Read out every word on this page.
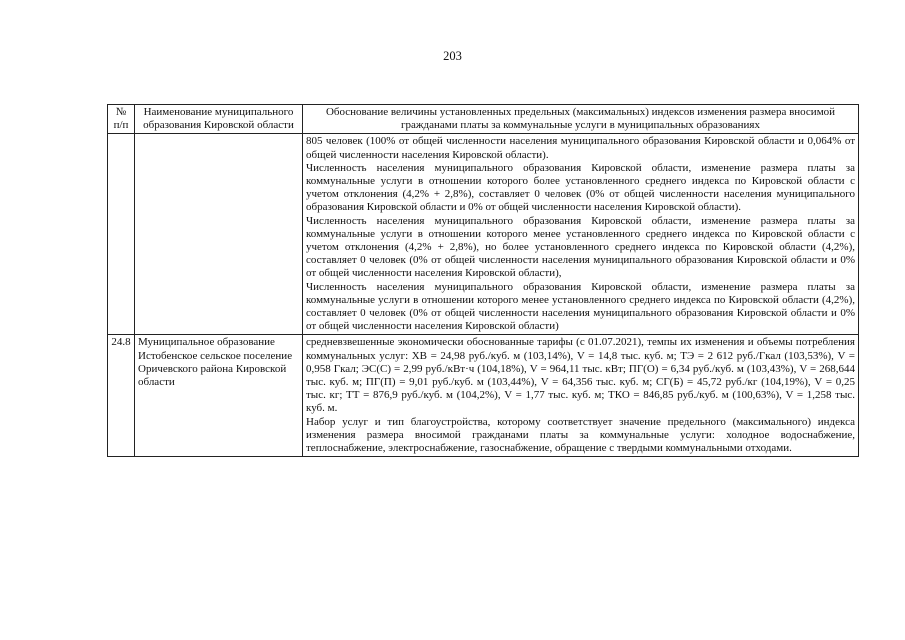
203
№ п/п	Наименование муниципального образования Кировской области	Обоснование величины установленных предельных (максимальных) индексов изменения размера вносимой гражданами платы за коммунальные услуги в муниципальных образованиях

		805 человек (100% от общей численности населения муниципального образования Кировской области и 0,064% от общей численности населения Кировской области).

Численность населения муниципального образования Кировской области, изменение размера платы за коммунальные услуги в отношении которого более установленного среднего индекса по Кировской области с учетом отклонения (4,2% + 2,8%), составляет 0 человек (0% от общей численности населения муниципального образования Кировской области и 0% от общей численности населения Кировской области).

Численность населения муниципального образования Кировской области, изменение размера платы за коммунальные услуги в отношении которого менее установленного среднего индекса по Кировской области с учетом отклонения (4,2% + 2,8%), но более установленного среднего индекса по Кировской области (4,2%), составляет 0 человек (0% от общей численности населения муниципального образования Кировской области и 0% от общей численности населения Кировской области),

Численность населения муниципального образования Кировской области, изменение размера платы за коммунальные услуги в отношении которого менее установленного среднего индекса по Кировской области (4,2%), составляет 0 человек (0% от общей численности населения муниципального образования Кировской области и 0% от общей численности населения Кировской области)

24.8	Муниципальное образование Истобенское сельское поселение Оричевского района Кировской области	средневзвешенные экономически обоснованные тарифы (с 01.07.2021), темпы их изменения и объемы потребления коммунальных услуг: ХВ = 24,98 руб./куб. м (103,14%), V = 14,8 тыс. куб. м; ТЭ = 2 612 руб./Гкал (103,53%), V = 0,958 Гкал; ЭС(С) = 2,99 руб./кВт·ч (104,18%), V = 964,11 тыс. кВт; ПГ(О) = 6,34 руб./куб. м (103,43%), V = 268,644 тыс. куб. м; ПГ(П) = 9,01 руб./куб. м (103,44%), V = 64,356 тыс. куб. м; СГ(Б) = 45,72 руб./кг (104,19%), V = 0,25 тыс. кг; ТТ = 876,9 руб./куб. м (104,2%), V = 1,77 тыс. куб. м; ТКО = 846,85 руб./куб. м (100,63%), V = 1,258 тыс. куб. м.

Набор услуг и тип благоустройства, которому соответствует значение предельного (максимального) индекса изменения размера вносимой гражданами платы за коммунальные услуги: холодное водоснабжение, теплоснабжение, электроснабжение, газоснабжение, обращение с твердыми коммунальными отходами.
